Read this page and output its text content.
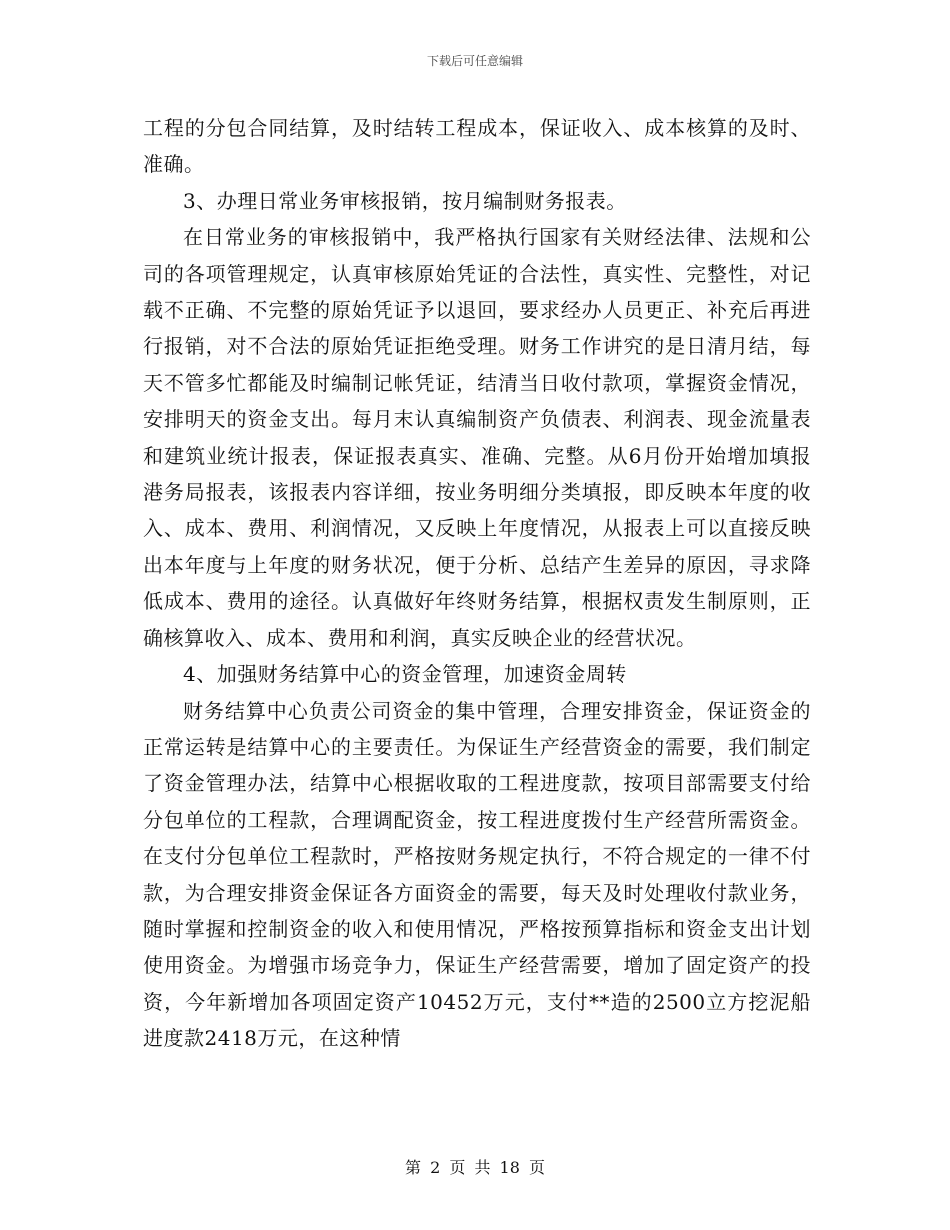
下载后可任意编辑

工程的分包合同结算，及时结转工程成本，保证收入、成本核算的及时、准确。

3、办理日常业务审核报销，按月编制财务报表。

在日常业务的审核报销中，我严格执行国家有关财经法律、法规和公司的各项管理规定，认真审核原始凭证的合法性，真实性、完整性，对记载不正确、不完整的原始凭证予以退回，要求经办人员更正、补充后再进行报销，对不合法的原始凭证拒绝受理。财务工作讲究的是日清月结，每天不管多忙都能及时编制记帐凭证，结清当日收付款项，掌握资金情况，安排明天的资金支出。每月末认真编制资产负债表、利润表、现金流量表和建筑业统计报表，保证报表真实、准确、完整。从6月份开始增加填报港务局报表，该报表内容详细，按业务明细分类填报，即反映本年度的收入、成本、费用、利润情况，又反映上年度情况，从报表上可以直接反映出本年度与上年度的财务状况，便于分析、总结产生差异的原因，寻求降低成本、费用的途径。认真做好年终财务结算，根据权责发生制原则，正确核算收入、成本、费用和利润，真实反映企业的经营状况。

4、加强财务结算中心的资金管理，加速资金周转

财务结算中心负责公司资金的集中管理，合理安排资金，保证资金的正常运转是结算中心的主要责任。为保证生产经营资金的需要，我们制定了资金管理办法，结算中心根据收取的工程进度款，按项目部需要支付给分包单位的工程款，合理调配资金，按工程进度拨付生产经营所需资金。在支付分包单位工程款时，严格按财务规定执行，不符合规定的一律不付款，为合理安排资金保证各方面资金的需要，每天及时处理收付款业务，随时掌握和控制资金的收入和使用情况，严格按预算指标和资金支出计划使用资金。为增强市场竞争力，保证生产经营需要，增加了固定资产的投资，今年新增加各项固定资产10452万元，支付**造的2500立方挖泥船进度款2418万元，在这种情

第 2 页 共 18 页
